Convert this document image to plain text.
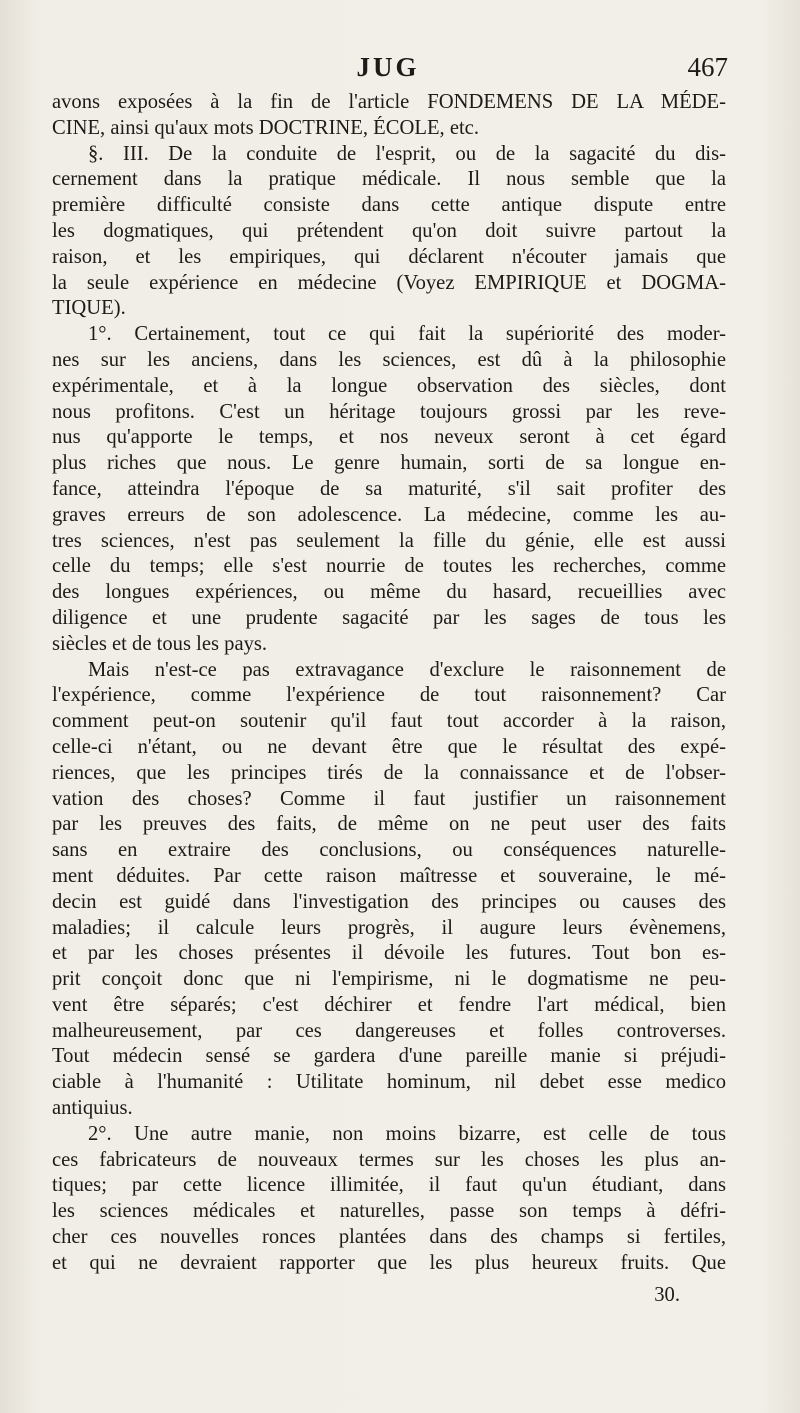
JUG	467
avons exposées à la fin de l'article FONDEMENS DE LA MÉDE-
CINE, ainsi qu'aux mots DOCTRINE, ÉCOLE, etc.
§. III. De la conduite de l'esprit, ou de la sagacité du dis-
cernement dans la pratique médicale. Il nous semble que la
première difficulté consiste dans cette antique dispute entre
les dogmatiques, qui prétendent qu'on doit suivre partout la
raison, et les empiriques, qui déclarent n'écouter jamais que
la seule expérience en médecine (Voyez EMPIRIQUE et DOGMA-
TIQUE).
1°. Certainement, tout ce qui fait la supériorité des moder-
nes sur les anciens, dans les sciences, est dû à la philosophie
expérimentale, et à la longue observation des siècles, dont
nous profitons. C'est un héritage toujours grossi par les reve-
nus qu'apporte le temps, et nos neveux seront à cet égard
plus riches que nous. Le genre humain, sorti de sa longue en-
fance, atteindra l'époque de sa maturité, s'il sait profiter des
graves erreurs de son adolescence. La médecine, comme les au-
tres sciences, n'est pas seulement la fille du génie, elle est aussi
celle du temps; elle s'est nourrie de toutes les recherches, comme
des longues expériences, ou même du hasard, recueillies avec
diligence et une prudente sagacité par les sages de tous les
siècles et de tous les pays.
Mais n'est-ce pas extravagance d'exclure le raisonnement de
l'expérience, comme l'expérience de tout raisonnement? Car
comment peut-on soutenir qu'il faut tout accorder à la raison,
celle-ci n'étant, ou ne devant être que le résultat des expé-
riences, que les principes tirés de la connaissance et de l'obser-
vation des choses? Comme il faut justifier un raisonnement
par les preuves des faits, de même on ne peut user des faits
sans en extraire des conclusions, ou conséquences naturelle-
ment déduites. Par cette raison maîtresse et souveraine, le mé-
decin est guidé dans l'investigation des principes ou causes des
maladies; il calcule leurs progrès, il augure leurs évènemens,
et par les choses présentes il dévoile les futures. Tout bon es-
prit conçoit donc que ni l'empirisme, ni le dogmatisme ne peu-
vent être séparés; c'est déchirer et fendre l'art médical, bien
malheureusement, par ces dangereuses et folles controverses.
Tout médecin sensé se gardera d'une pareille manie si préjudi-
ciable à l'humanité : Utilitate hominum, nil debet esse medico
antiquius.
2°. Une autre manie, non moins bizarre, est celle de tous
ces fabricateurs de nouveaux termes sur les choses les plus an-
tiques; par cette licence illimitée, il faut qu'un étudiant, dans
les sciences médicales et naturelles, passe son temps à défri-
cher ces nouvelles ronces plantées dans des champs si fertiles,
et qui ne devraient rapporter que les plus heureux fruits. Que
30.
